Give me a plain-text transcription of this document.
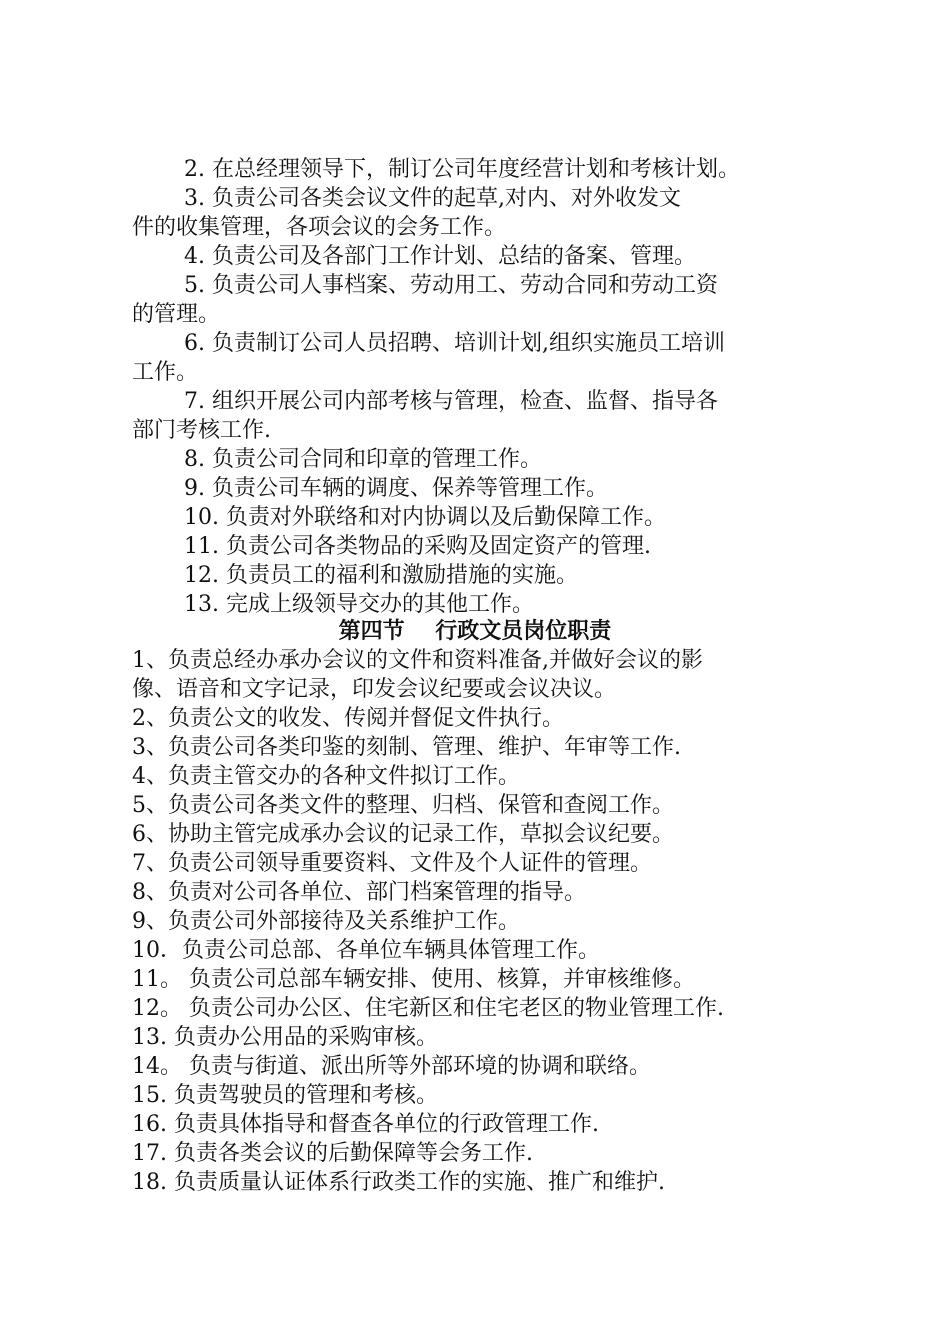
2. 在总经理领导下，制订公司年度经营计划和考核计划。
3. 负责公司各类会议文件的起草,对内、对外收发文
件的收集管理，各项会议的会务工作。
4. 负责公司及各部门工作计划、总结的备案、管理。
5. 负责公司人事档案、劳动用工、劳动合同和劳动工资
的管理。
6. 负责制订公司人员招聘、培训计划,组织实施员工培训
工作。
7. 组织开展公司内部考核与管理，检查、监督、指导各
部门考核工作.
8. 负责公司合同和印章的管理工作。
9. 负责公司车辆的调度、保养等管理工作。
10. 负责对外联络和对内协调以及后勤保障工作。
11. 负责公司各类物品的采购及固定资产的管理.
12. 负责员工的福利和激励措施的实施。
13. 完成上级领导交办的其他工作。
第四节    行政文员岗位职责
1、负责总经办承办会议的文件和资料准备,并做好会议的影
像、语音和文字记录，印发会议纪要或会议决议。
2、负责公文的收发、传阅并督促文件执行。
3、负责公司各类印鉴的刻制、管理、维护、年审等工作.
4、负责主管交办的各种文件拟订工作。
5、负责公司各类文件的整理、归档、保管和查阅工作。
6、协助主管完成承办会议的记录工作，草拟会议纪要。
7、负责公司领导重要资料、文件及个人证件的管理。
8、负责对公司各单位、部门档案管理的指导。
9、负责公司外部接待及关系维护工作。
10．负责公司总部、各单位车辆具体管理工作。
11。 负责公司总部车辆安排、使用、核算，并审核维修。
12。 负责公司办公区、住宅新区和住宅老区的物业管理工作.
13. 负责办公用品的采购审核。
14。 负责与街道、派出所等外部环境的协调和联络。
15. 负责驾驶员的管理和考核。
16. 负责具体指导和督查各单位的行政管理工作.
17. 负责各类会议的后勤保障等会务工作.
18. 负责质量认证体系行政类工作的实施、推广和维护.
